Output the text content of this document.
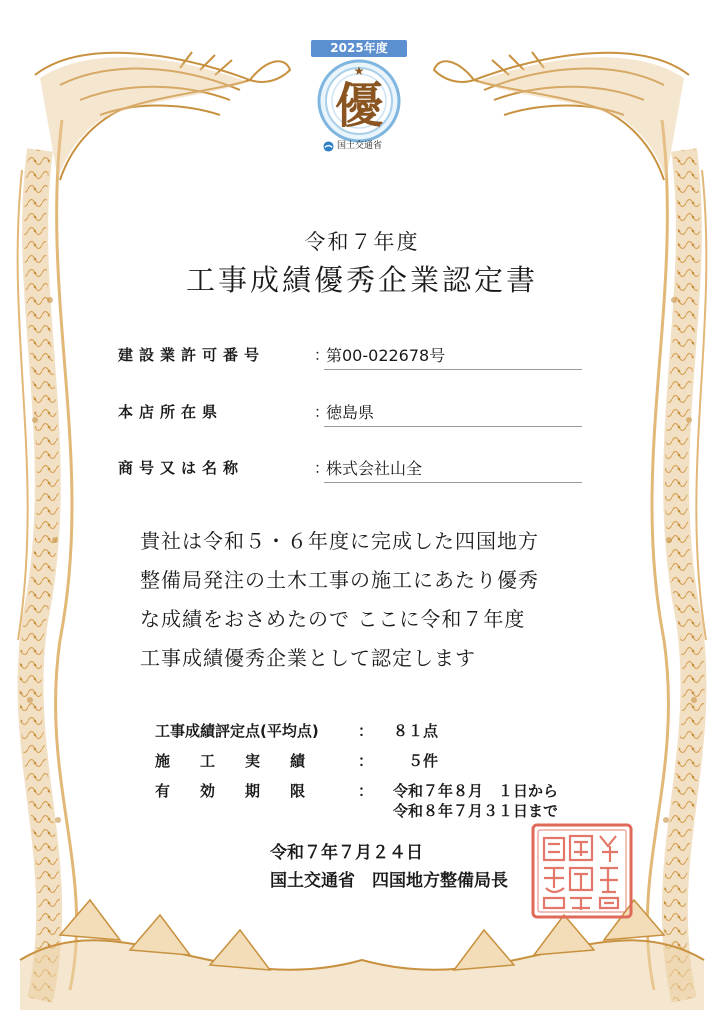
2025年度
★
優
国土交通省
令和７年度
工事成績優秀企業認定書
建設業許可番号	：
第00-022678号
本店所在県	：
徳島県
商号又は名称	：
株式会社山全
貴社は令和５・６年度に完成した四国地方
整備局発注の土木工事の施工にあたり優秀
な成績をおさめたので ここに令和７年度
工事成績優秀企業として認定します
工事成績評定点(平均点)	： ８１点
施　　工　　実　　績	： 　５件
有　　効　　期　　限	： 令和７年８月　１日から
令和８年７月３１日まで
令和７年７月２４日
国土交通省　四国地方整備局長
